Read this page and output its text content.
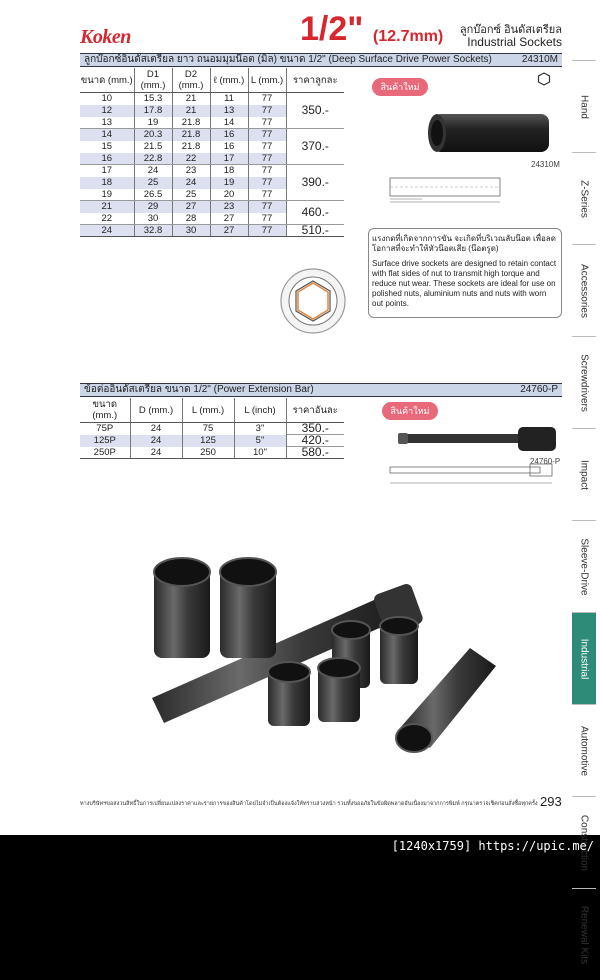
Koken	1/2" (12.7mm) ลูกบ๊อกซ์ อินดัสเตรียล
Industrial Sockets
ลูกบ๊อกซ์อินดัสเตรียล ยาว ถนอมมุมน๊อต (มิล) ขนาด 1/2" (Deep Surface Drive Power Sockets)	24310M
ขนาด (mm.)	D1 (mm.)	D2 (mm.)	ℓ (mm.)	L (mm.)	ราคาลูกละ
10	15.3	21	11	77	350.-
12	17.8	21	13	77	
13	19	21.8	14	77	
14	20.3	21.8	16	77	370.-
15	21.5	21.8	16	77	
16	22.8	22	17	77	
17	24	23	18	77	390.-
18	25	24	19	77	
19	26.5	25	20	77	
21	29	27	23	77	460.-
22	30	28	27	77	
24	32.8	30	27	77	510.-
สินค้าใหม่
24310M

แรงกดที่เกิดจากการขัน จะเกิดที่บริเวณลับน๊อต เพื่อลดโอกาสที่จะทำให้หัวน๊อตเสีย (น๊อตรูด)

Surface drive sockets are designed to retain contact with flat sides of nut to transmit high torque and reduce nut wear. These sockets are ideal for use on polished nuts, aluminium nuts and nuts with worn out points.

ข้อต่ออินดัสเตรียล ขนาด 1/2" (Power Extension Bar)	24760-P
ขนาด (mm.)	D (mm.)	L (mm.)	L (inch)	ราคาอันละ
75P	24	75	3"	350.-
125P	24	125	5"	420.-
250P	24	250	10"	580.-
สินค้าใหม่
24760-P
Hand
Z-Series
Accessories
Screwdrivers
Impact
Sleeve-Drive
Industrial
Automotive
Construction
Renewal Kits
ทางบริษัทฯขอสงวนสิทธิ์ในการเปลี่ยนแปลงราคาและรายการของสินค้าโดยไม่จำเป็นต้องแจ้งให้ทราบล่วงหน้า รวมทั้งขออภัยในข้อผิดพลาดอันเนื่องมาจากการพิมพ์ กรุณาตรวจเช็คก่อนสั่งซื้อทุกครั้ง 293
[1240x1759] https://upic.me/
